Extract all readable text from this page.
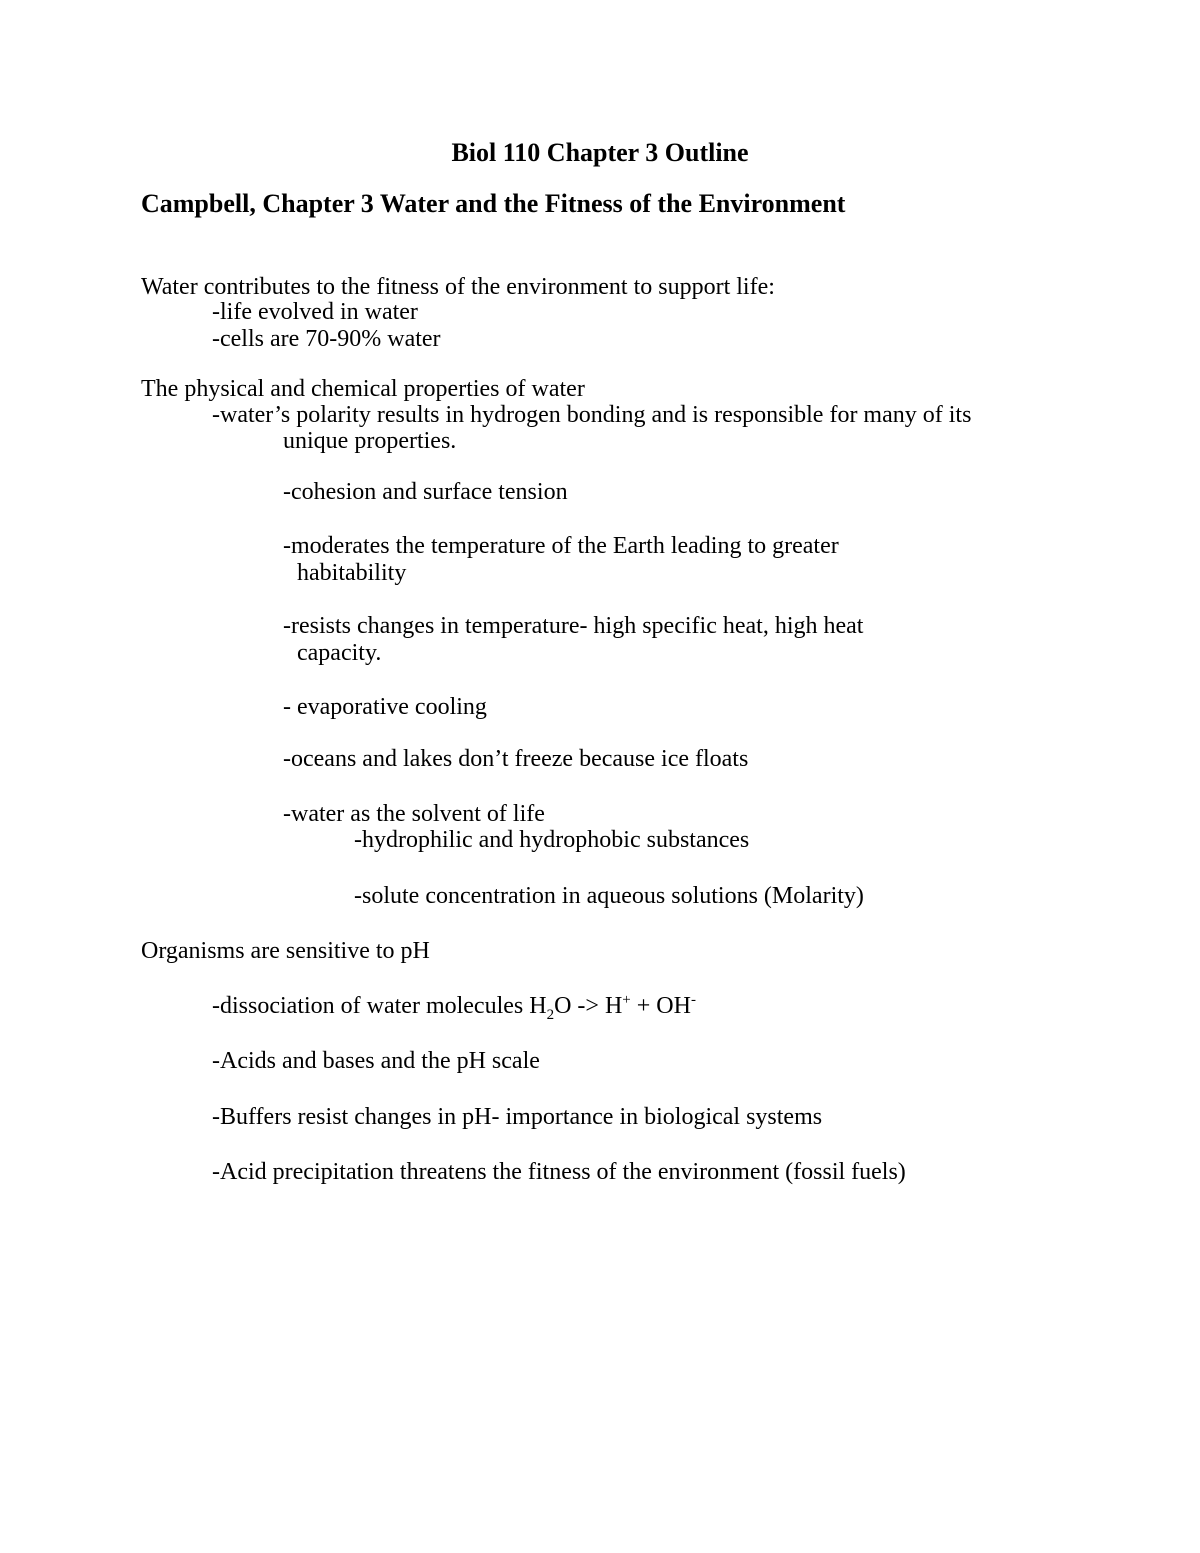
Biol 110 Chapter 3 Outline
Campbell, Chapter 3 Water and the Fitness of the Environment
Water contributes to the fitness of the environment to support life:
-life evolved in water
-cells are 70-90% water
The physical and chemical properties of water
-water’s polarity results in hydrogen bonding and is responsible for many of its
unique properties.
-cohesion and surface tension
-moderates the temperature of the Earth leading to greater
habitability
-resists changes in temperature- high specific heat, high heat
capacity.
- evaporative cooling
-oceans and lakes don’t freeze because ice floats
-water as the solvent of life
-hydrophilic and hydrophobic substances
-solute concentration in aqueous solutions (Molarity)
Organisms are sensitive to pH
-dissociation of water molecules $H_2O -> H^+ + OH^-$
-Acids and bases and the pH scale
-Buffers resist changes in pH- importance in biological systems
-Acid precipitation threatens the fitness of the environment (fossil fuels)
